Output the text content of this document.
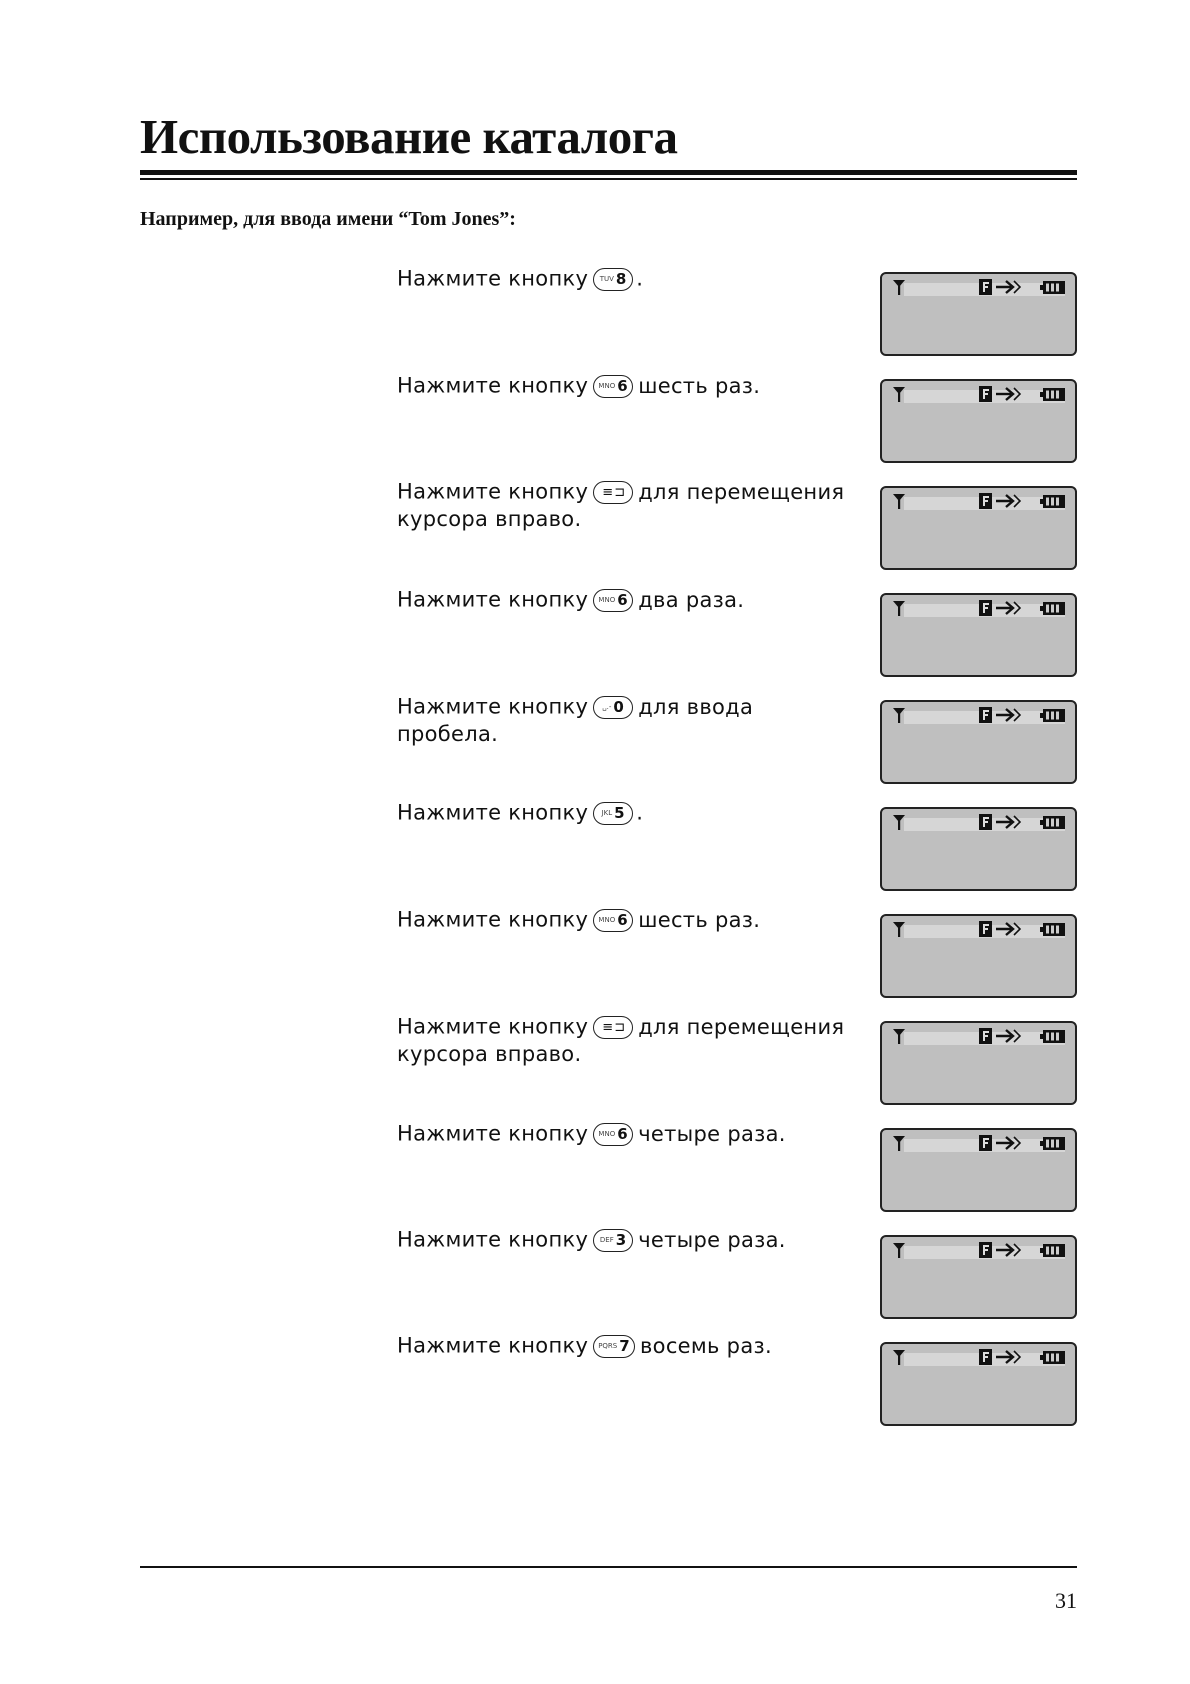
Использование каталога

Например, для ввода имени “Tom Jones”:

Нажмите кнопку TUV 8 .
Нажмите кнопку MNO 6 шесть раз.
Нажмите кнопку ≡⊐ для перемещения курсора вправо.
Нажмите кнопку MNO 6 два раза.
Нажмите кнопку ␣.- 0 для ввода пробела.
Нажмите кнопку JKL 5 .
Нажмите кнопку MNO 6 шесть раз.
Нажмите кнопку ≡⊐ для перемещения курсора вправо.
Нажмите кнопку MNO 6 четыре раза.
Нажмите кнопку DEF 3 четыре раза.
Нажмите кнопку PQRS 7 восемь раз.
31
